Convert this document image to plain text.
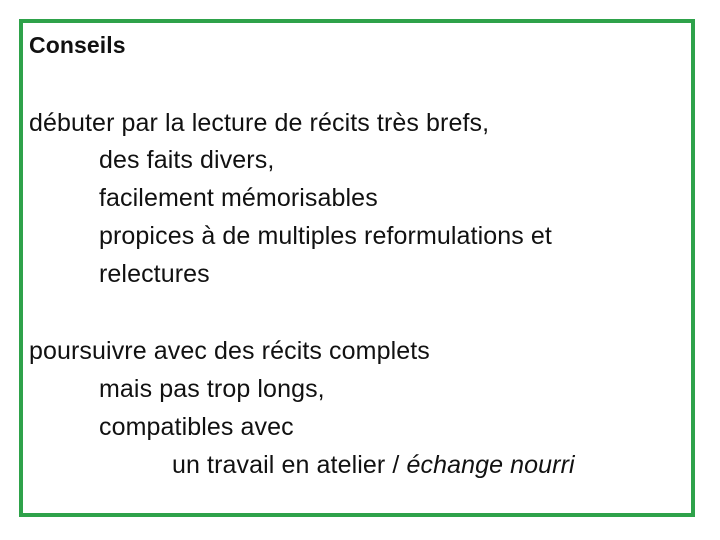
Conseils
débuter par la lecture de récits très brefs,
des faits divers,
facilement mémorisables
propices à de multiples reformulations et
relectures
poursuivre avec des récits complets
mais pas trop longs,
compatibles avec
un travail en atelier / échange nourri
